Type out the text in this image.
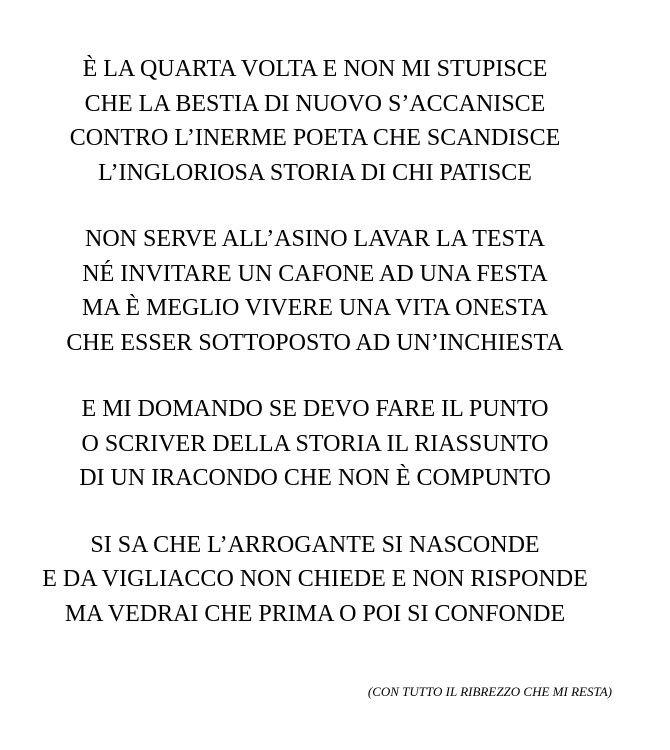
È LA QUARTA VOLTA E NON MI STUPISCE
CHE LA BESTIA DI NUOVO S’ACCANISCE
CONTRO L’INERME POETA CHE SCANDISCE
L’INGLORIOSA STORIA DI CHI PATISCE
NON SERVE ALL’ASINO LAVAR LA TESTA
NÉ INVITARE UN CAFONE AD UNA FESTA
MA È MEGLIO VIVERE UNA VITA ONESTA
CHE ESSER SOTTOPOSTO AD UN’INCHIESTA
E MI DOMANDO SE DEVO FARE IL PUNTO
O SCRIVER DELLA STORIA IL RIASSUNTO
DI UN IRACONDO CHE NON È COMPUNTO
SI SA CHE L’ARROGANTE SI NASCONDE
E DA VIGLIACCO NON CHIEDE E NON RISPONDE
MA VEDRAI CHE PRIMA O POI SI CONFONDE
(CON TUTTO IL RIBREZZO CHE MI RESTA)
